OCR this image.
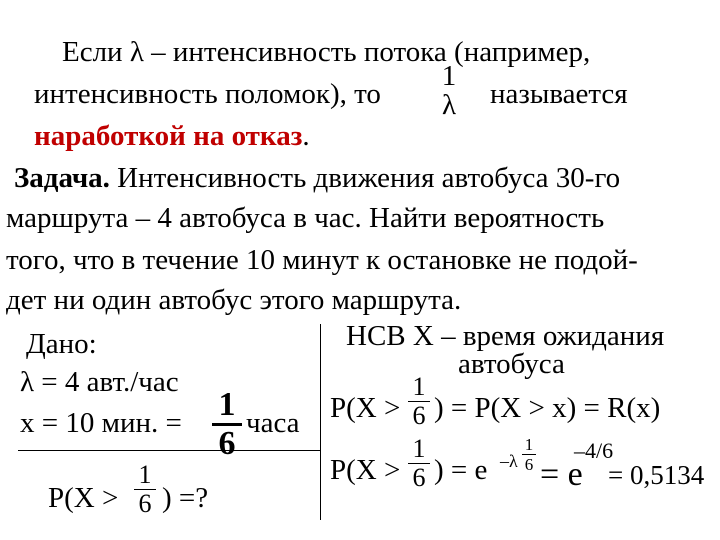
Если λ – интенсивность потока (например,
интенсивность поломок), то
1
λ называется
наработкой на отказ.
Задача. Интенсивность движения автобуса 30-го
маршрута – 4 автобуса в час. Найти вероятность
того, что в течение 10 минут к остановке не подой-
дет ни один автобус этого маршрута.
Дано:
λ = 4 авт./час
x = 10 мин. = 1
6
часа
P(X >
1
6 ) =?
НСВ X – время ожидания
автобуса
P(X >
1
6 ) = P(X > x) = R(x)
P(X >
1
6 ) = e –λ
1
6 = e
–4/6
= 0,5134
